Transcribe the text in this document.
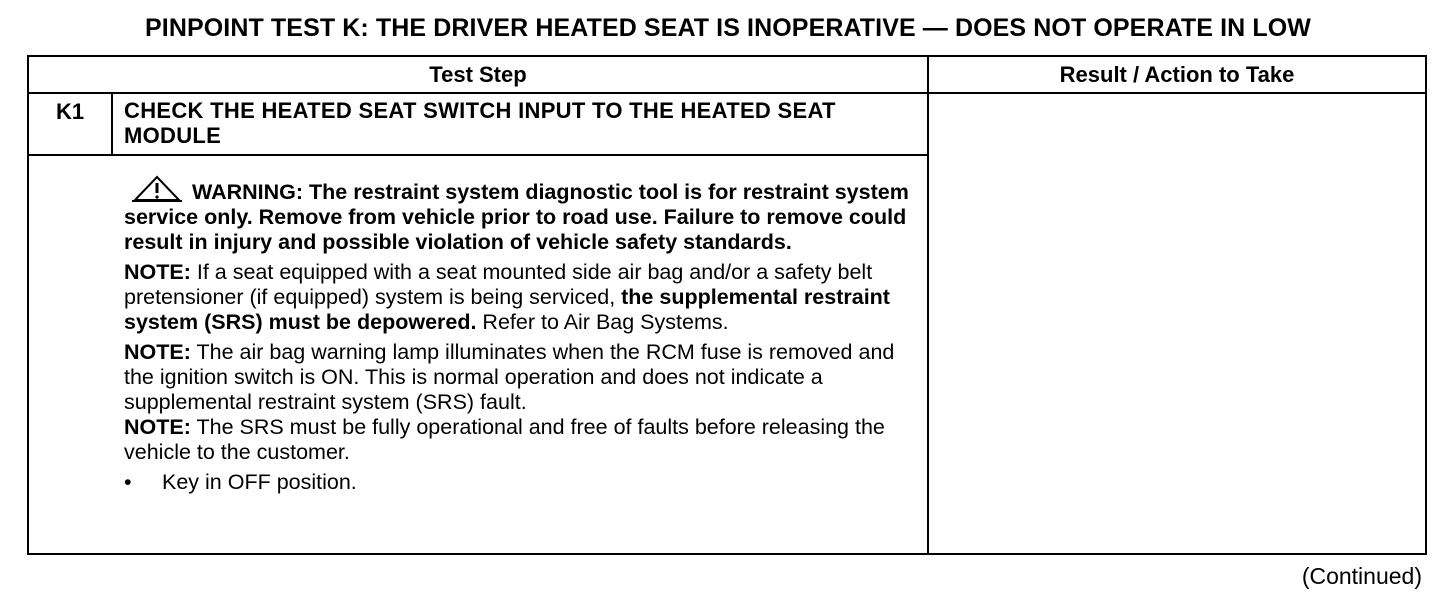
PINPOINT TEST K: THE DRIVER HEATED SEAT IS INOPERATIVE — DOES NOT OPERATE IN LOW
Test Step	Result / Action to Take
K1	CHECK THE HEATED SEAT SWITCH INPUT TO THE HEATED SEAT MODULE
WARNING: The restraint system diagnostic tool is for restraint system service only. Remove from vehicle prior to road use. Failure to remove could result in injury and possible violation of vehicle safety standards.
NOTE: If a seat equipped with a seat mounted side air bag and/or a safety belt pretensioner (if equipped) system is being serviced, the supplemental restraint system (SRS) must be depowered. Refer to Air Bag Systems.
NOTE: The air bag warning lamp illuminates when the RCM fuse is removed and the ignition switch is ON. This is normal operation and does not indicate a supplemental restraint system (SRS) fault.
NOTE: The SRS must be fully operational and free of faults before releasing the vehicle to the customer.
•	Key in OFF position.
(Continued)
